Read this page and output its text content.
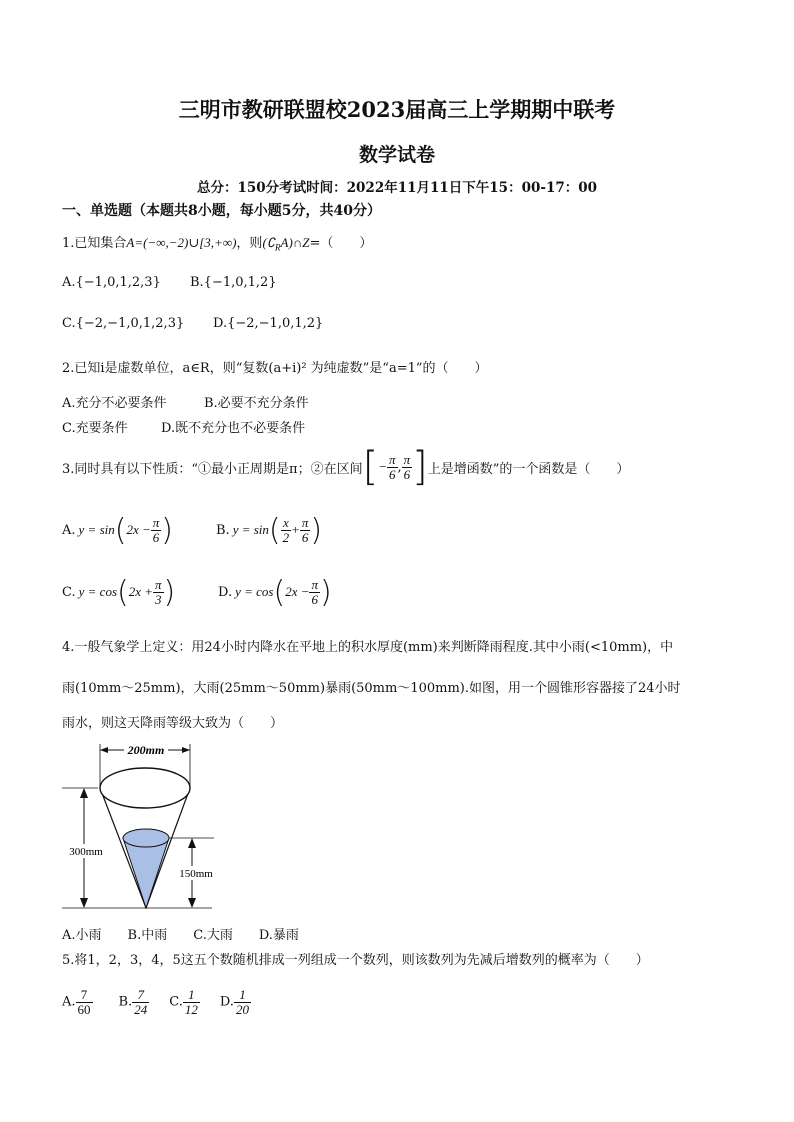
三明市教研联盟校2023届高三上学期期中联考
数学试卷
总分：150分考试时间：2022年11月11日下午15：00-17：00
一、单选题（本题共8小题，每小题5分，共40分）
1.已知集合A=(−∞,−2)∪[3,+∞)，则$(∁_RA)\cap Z=$（　　）
A.{−1,0,1,2,3} B.{−1,0,1,2}
C.{−2,−1,0,1,2,3} D.{−2,−1,0,1,2}
2.已知i是虚数单位，a∈R，则“复数(a+i)² 为纯虚数”是“a=1”的（　　）
A.充分不必要条件	B.必要不充分条件
C.充要条件	D.既不充分也不必要条件
3.同时具有以下性质：“①最小正周期是π；②在区间 [ − $\frac{\pi}{6}$ , $\frac{\pi}{6}$ ] 上是增函数”的一个函数是（　　）
A. y = sin ( $2x - \frac{\pi}{6}$ )	B. y = sin ( $\frac{x}{2} + \frac{\pi}{6}$ )
C. y = cos ( $2x + \frac{\pi}{3}$ )	D. y = cos ( $2x - \frac{\pi}{6}$ )
4.一般气象学上定义：用24小时内降水在平地上的积水厚度(mm)来判断降雨程度.其中小雨(<10mm)，中
雨(10mm～25mm)，大雨(25mm～50mm)暴雨(50mm～100mm).如图，用一个圆锥形容器接了24小时
雨水，则这天降雨等级大致为（　　）
200mm
300mm
150mm
A.小雨　　B.中雨　　C.大雨　　D.暴雨
5.将1，2，3，4，5这五个数随机排成一列组成一个数列，则该数列为先减后增数列的概率为（　　）
A. $\frac{7}{60} B$. $\frac{7}{24} C$. $\frac{1}{12} D$. $\frac{1}{20}$
